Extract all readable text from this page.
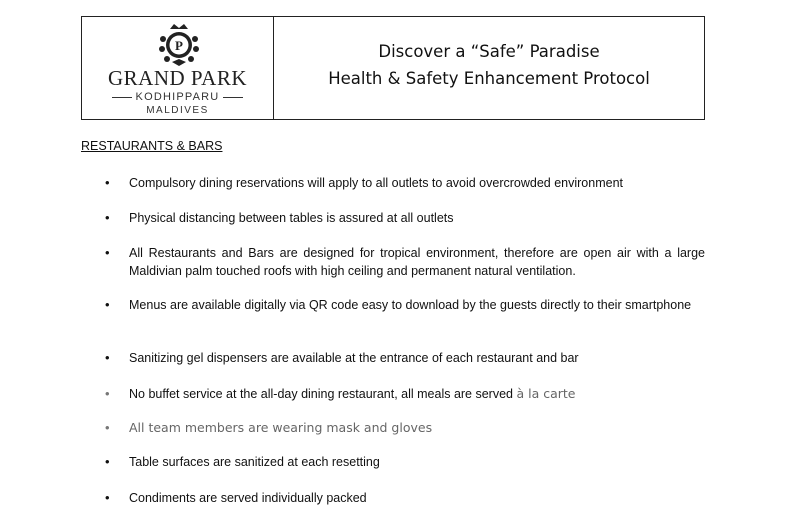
P
GRAND PARK
KODHIPPARU
MALDIVES
Discover a “Safe” Paradise
Health & Safety Enhancement Protocol
RESTAURANTS & BARS
•	Compulsory dining reservations will apply to all outlets to avoid overcrowded environment
•	Physical distancing between tables is assured at all outlets
•	All Restaurants and Bars are designed for tropical environment, therefore are open air with a large Maldivian palm touched roofs with high ceiling and permanent natural ventilation.
•	Menus are available digitally via QR code easy to download by the guests directly to their smartphone
•	Sanitizing gel dispensers are available at the entrance of each restaurant and bar
•	No buffet service at the all-day dining restaurant, all meals are served à la carte
•	All team members are wearing mask and gloves
•	Table surfaces are sanitized at each resetting
•	Condiments are served individually packed
